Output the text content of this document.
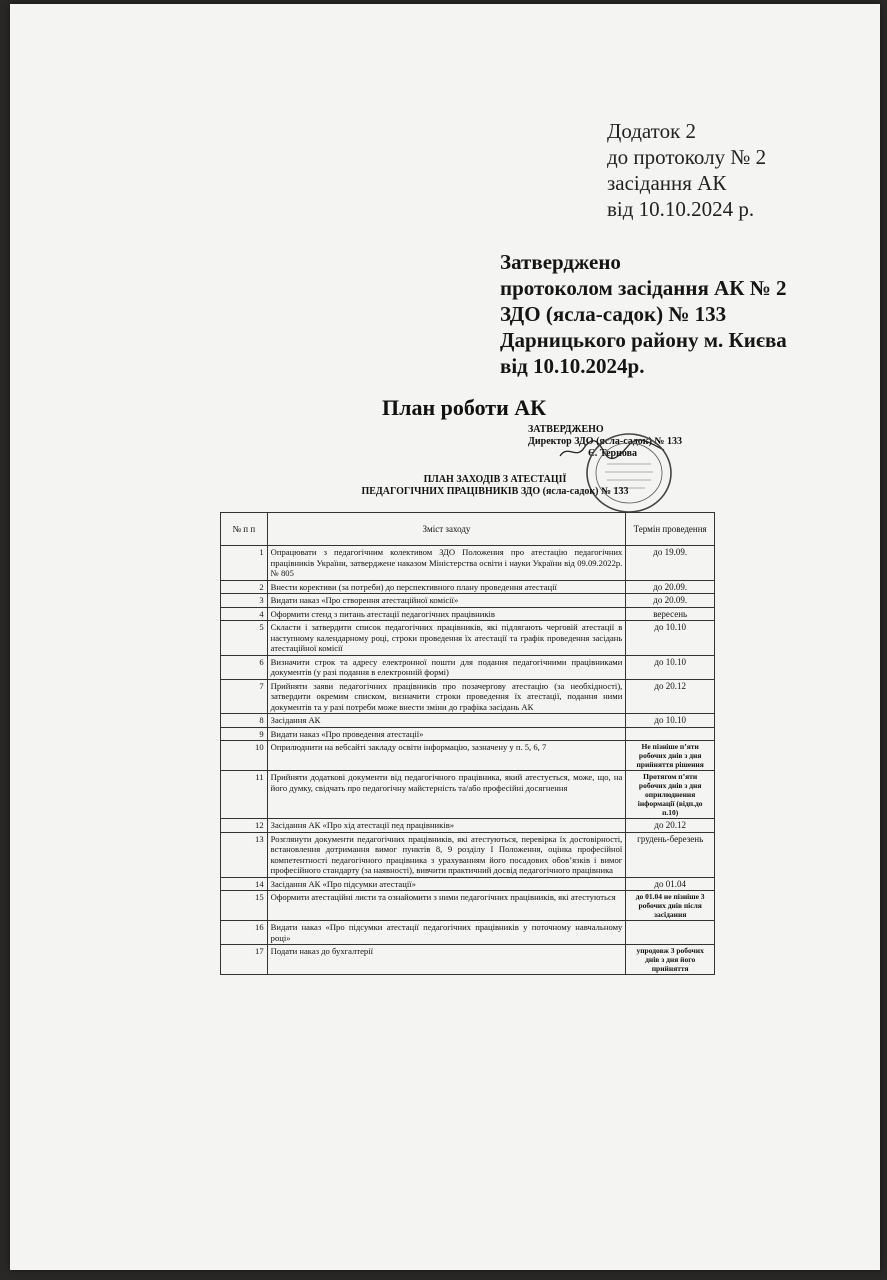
Додаток 2
до протоколу № 2
засідання АК
від 10.10.2024 р.
Затверджено
протоколом засідання АК № 2
ЗДО (ясла-садок) № 133
Дарницького району м. Києва
від 10.10.2024р.
План роботи АК
ЗАТВЕРДЖЕНО
Директор ЗДО (ясла-садок) № 133
Є. Тернова
ПЛАН ЗАХОДІВ З АТЕСТАЦІЇ
ПЕДАГОГІЧНИХ ПРАЦІВНИКІВ ЗДО (ясла-садок) № 133
№ п п	Зміст заходу	Термін проведення
1	Опрацювати з педагогічним колективом ЗДО Положення про атестацію педагогічних працівників України, затверджене наказом Міністерства освіти і науки України від 09.09.2022р. № 805	до 19.09.
2	Внести корективи (за потреби) до перспективного плану проведення атестації	до 20.09.
3	Видати наказ «Про створення атестаційної комісії»	до 20.09.
4	Оформити стенд з питань атестації педагогічних працівників	вересень
5	Скласти і затвердити список педагогічних працівників, які підлягають черговій атестації в наступному календарному році, строки проведення їх атестації та графік проведення засідань атестаційної комісії	до 10.10
6	Визначити строк та адресу електронної пошти для подання педагогічними працівниками документів (у разі подання в електронній формі)	до 10.10
7	Прийняти заяви педагогічних працівників про позачергову атестацію (за необхідності), затвердити окремим списком, визначити строки проведення їх атестації, подання ними документів та у разі потреби може внести зміни до графіка засідань АК	до 20.12
8	Засідання АК	до 10.10
9	Видати наказ «Про проведення атестації»	
10	Оприлюднити на вебсайті закладу освіти інформацію, зазначену у п. 5, 6, 7	Не пізніше п’яти робочих днів з дня прийняття рішення
11	Прийняти додаткові документи від педагогічного працівника, який атестується, може, що, на його думку, свідчать про педагогічну майстерність та/або професійні досягнення	Протягом п’яти робочих днів з дня оприлюднення інформації (відп.до п.10)
12	Засідання АК «Про хід атестації пед працівників»	до 20.12
13	Розглянути документи педагогічних працівників, які атестуються, перевірка їх достовірності, встановлення дотримання вимог пунктів 8, 9 розділу І Положення, оцінка професійної компетентності педагогічного працівника з урахуванням його посадових обов’язків і вимог професійного стандарту (за наявності), вивчити практичний досвід педагогічного працівника	грудень-березень
14	Засідання АК «Про підсумки атестації»	до 01.04
15	Оформити атестаційні листи та ознайомити з ними педагогічних працівників, які атестуються	до 01.04 не пізніше 3 робочих днів після засідання
16	Видати наказ «Про підсумки атестації педагогічних працівників у поточному навчальному році»	
17	Подати наказ до бухгалтерії	упродовж 3 робочих днів з дня його прийняття
